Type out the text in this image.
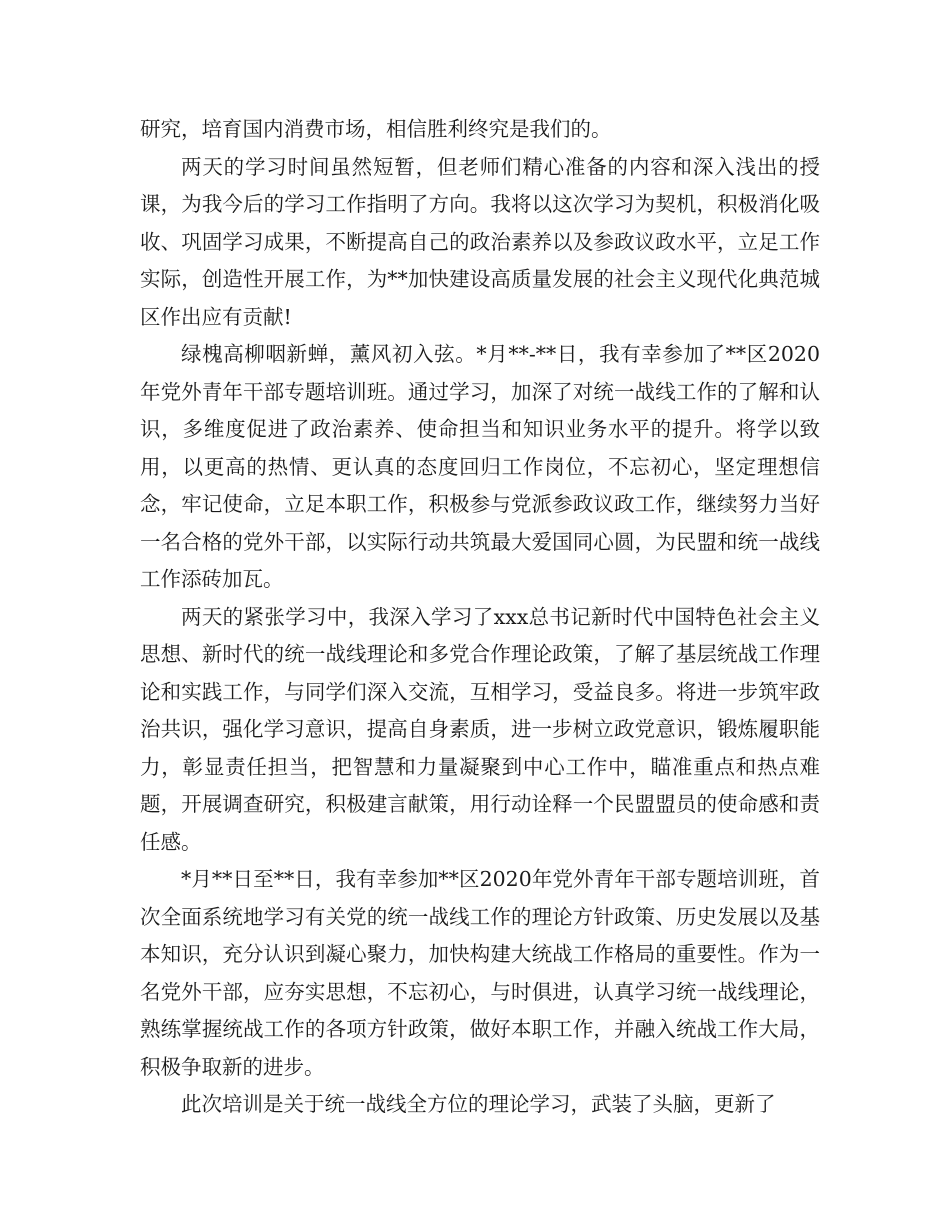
研究，培育国内消费市场，相信胜利终究是我们的。

两天的学习时间虽然短暂，但老师们精心准备的内容和深入浅出的授课，为我今后的学习工作指明了方向。我将以这次学习为契机，积极消化吸收、巩固学习成果，不断提高自己的政治素养以及参政议政水平，立足工作实际，创造性开展工作，为**加快建设高质量发展的社会主义现代化典范城区作出应有贡献!

绿槐高柳咽新蝉，薰风初入弦。*月**-**日，我有幸参加了**区2020年党外青年干部专题培训班。通过学习，加深了对统一战线工作的了解和认识，多维度促进了政治素养、使命担当和知识业务水平的提升。将学以致用，以更高的热情、更认真的态度回归工作岗位，不忘初心，坚定理想信念，牢记使命，立足本职工作，积极参与党派参政议政工作，继续努力当好一名合格的党外干部，以实际行动共筑最大爱国同心圆，为民盟和统一战线工作添砖加瓦。

两天的紧张学习中，我深入学习了xxx总书记新时代中国特色社会主义思想、新时代的统一战线理论和多党合作理论政策，了解了基层统战工作理论和实践工作，与同学们深入交流，互相学习，受益良多。将进一步筑牢政治共识，强化学习意识，提高自身素质，进一步树立政党意识，锻炼履职能力，彰显责任担当，把智慧和力量凝聚到中心工作中，瞄准重点和热点难题，开展调查研究，积极建言献策，用行动诠释一个民盟盟员的使命感和责任感。

*月**日至**日，我有幸参加**区2020年党外青年干部专题培训班，首次全面系统地学习有关党的统一战线工作的理论方针政策、历史发展以及基本知识，充分认识到凝心聚力，加快构建大统战工作格局的重要性。作为一名党外干部，应夯实思想，不忘初心，与时俱进，认真学习统一战线理论，熟练掌握统战工作的各项方针政策，做好本职工作，并融入统战工作大局，积极争取新的进步。

此次培训是关于统一战线全方位的理论学习，武装了头脑，更新了
